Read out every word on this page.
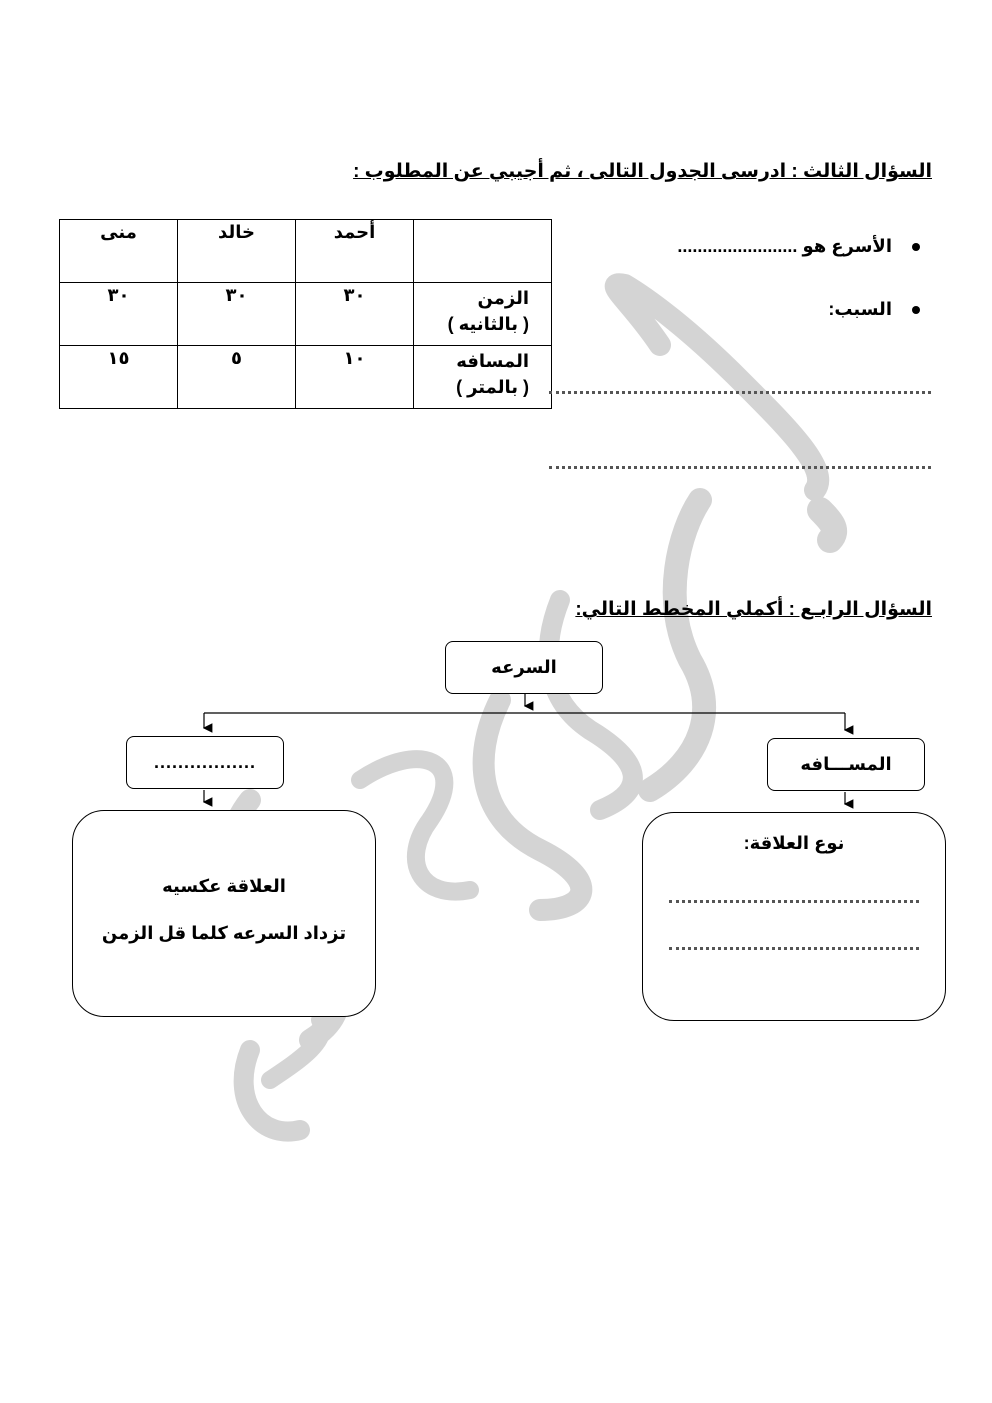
السؤال الثالث : ادرسى الجدول التالى ، ثم أجيبي عن المطلوب :
	أحمد	خالد	منى

الزمن
( بالثانيه )	٣٠	٣٠	٣٠

المسافه
( بالمتر )	١٠	٥	١٥
الأسرع هو ........................
السبب:
السؤال الرابـع : أكملي المخطط التالي:
السرعه
.................	المســـافه
العلاقة عكسيه
تزداد السرعه كلما قل الزمن
نوع العلاقة:
